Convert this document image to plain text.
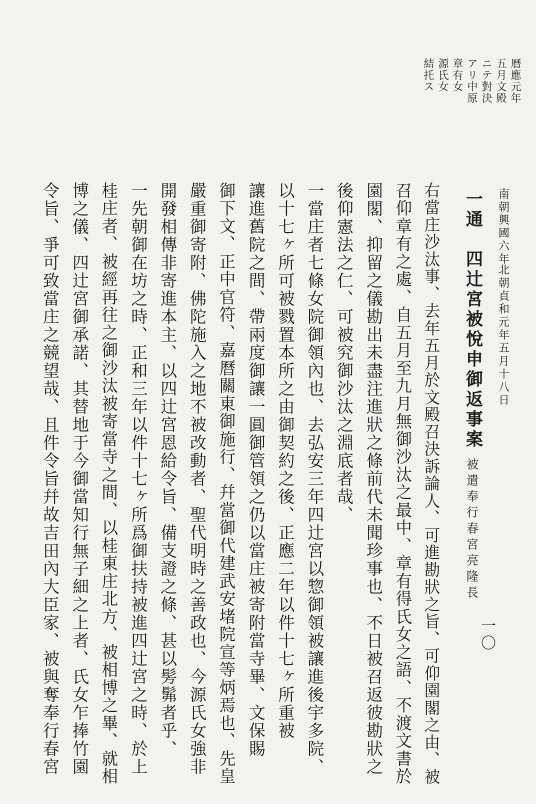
一〇
南朝興國六年
北朝貞和元年五月十八日
曆應元年
五月文殿
ニテ對決
アリ中原
章有女
源氏女
結托ス
一通　四辻宮被悅申御返事案被遣奉行春宮亮隆長
右當庄沙汰事、去年五月於文殿召決訴論人、可進勘狀之旨、可仰園閣之由、被
召仰章有之處、自五月至九月無御沙汰之最中、章有得氏女之語、不渡文書於
園閣、抑留之儀勘出未盡注進狀之條前代未聞珍事也、不日被召返彼勘狀之
後仰憲法之仁、可被究御沙汰之淵底者哉、
一當庄者七條女院御領內也、去弘安三年四辻宮以惣御領被讓進後宇多院、
以十七ヶ所可被戮置本所之由御契約之後、正應二年以件十七ヶ所重被
讓進舊院之間、帶兩度御讓一圓御管領之仍以當庄被寄附當寺畢、文保賜
御下文、正中官符、嘉曆關東御施行、幷當御代建武安堵院宣等炳焉也、先皇
嚴重御寄附、佛陀施入之地不被改動者、聖代明時之善政也、今源氏女強非
開發相傳非寄進本主、以四辻宮恩給令旨、備支證之條、甚以髣髴者乎、
一先朝御在坊之時、正和三年以件十七ヶ所爲御扶持被進四辻宮之時、於上
桂庄者、被經再往之御沙汰被寄當寺之間、以桂東庄北方、被相博之畢、就相
博之儀、四辻宮御承諾、其替地于今御當知行無子細之上者、氏女乍捧竹園
令旨、爭可致當庄之競望哉、且件令旨幷故吉田內大臣家、被與奪奉行春宮
